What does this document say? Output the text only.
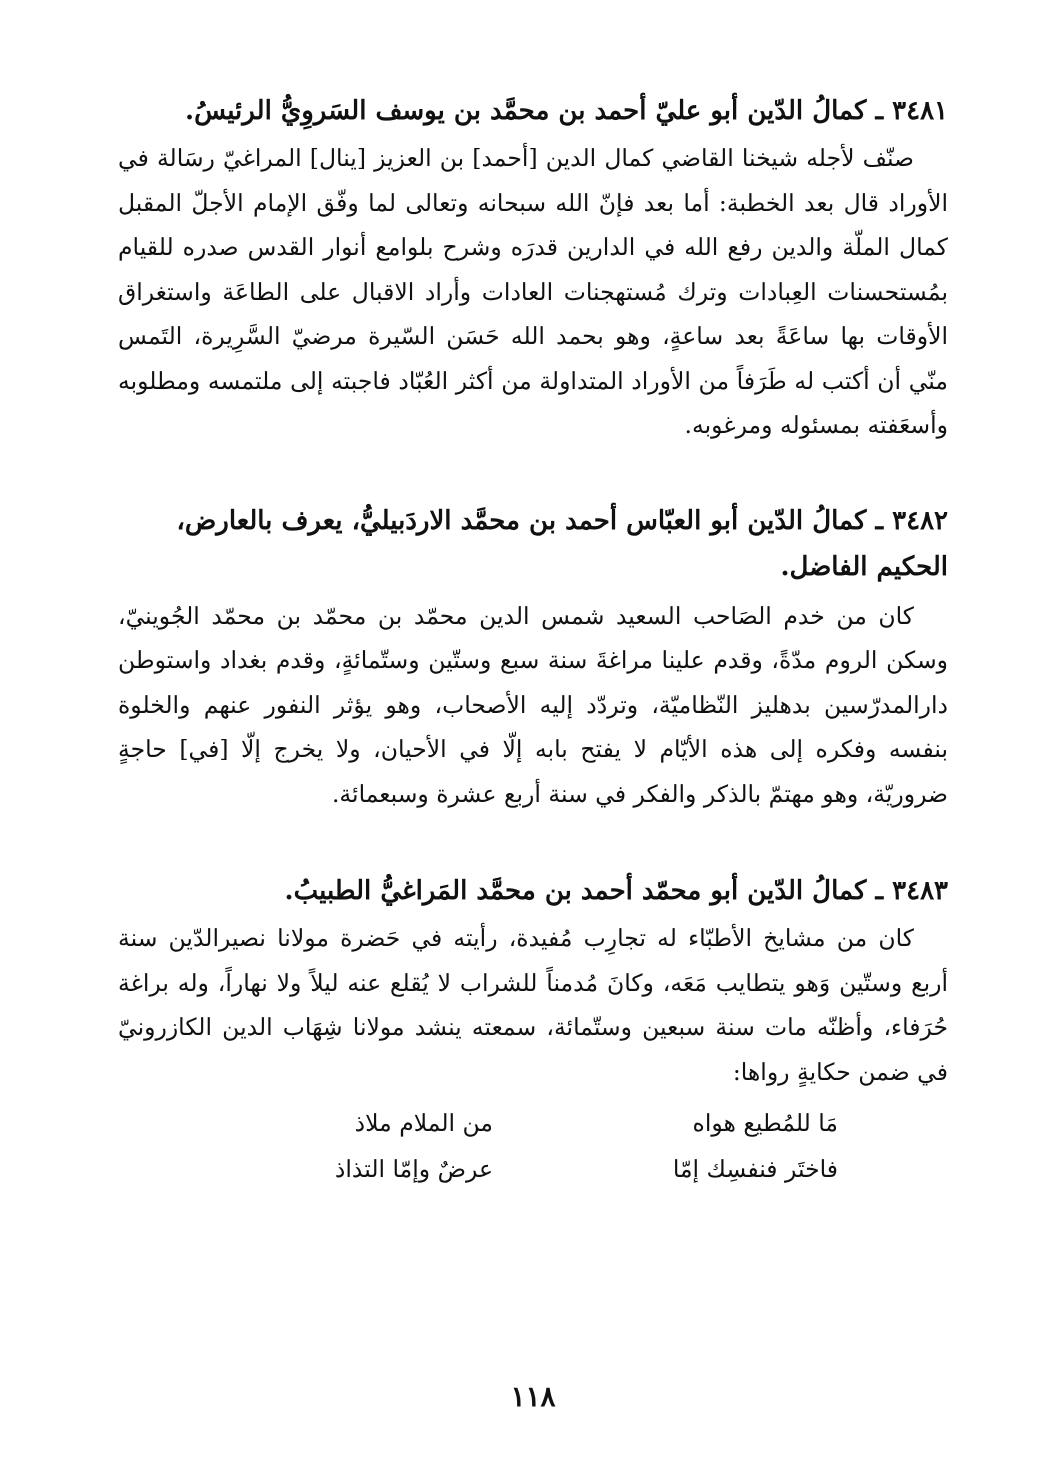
٣٤٨١ ـ كمالُ الدّين أبو عليّ أحمد بن محمَّد بن يوسف السَروِيُّ الرئيسُ.

صنّف لأجله شيخنا القاضي كمال الدين [أحمد] بن العزيز [ينال] المراغيّ رسَالة في الأوراد قال بعد الخطبة: أما بعد فإنّ الله سبحانه وتعالى لما وفّق الإمام الأجلّ المقبل كمال الملّة والدين رفع الله في الدارين قدرَه وشرح بلوامع أنوار القدس صدره للقيام بمُستحسنات العِبادات وترك مُستهجنات العادات وأراد الاقبال على الطاعَة واستغراق الأوقات بها ساعَةً بعد ساعةٍ، وهو بحمد الله حَسَن السّيرة مرضيّ السَّرِيرة، التَمس منّي أن أكتب له طَرَفاً من الأوراد المتداولة من أكثر العُبّاد فاجبته إلى ملتمسه ومطلوبه وأسعَفته بمسئوله ومرغوبه.

٣٤٨٢ ـ كمالُ الدّين أبو العبّاس أحمد بن محمَّد الاردَبيليُّ، يعرف بالعارض، الحكيم الفاضل.

كان من خدم الصَاحب السعيد شمس الدين محمّد بن محمّد بن محمّد الجُوينيّ، وسكن الروم مدّةً، وقدم علينا مراغةَ سنة سبع وستّين وستّمائةٍ، وقدم بغداد واستوطن دارالمدرّسين بدهليز النّظاميّة، وتردّد إليه الأصحاب، وهو يؤثر النفور عنهم والخلوة بنفسه وفكره إلى هذه الأيّام لا يفتح بابه إلّا في الأحيان، ولا يخرج إلّا [في] حاجةٍ ضروريّة، وهو مهتمّ بالذكر والفكر في سنة أربع عشرة وسبعمائة.

٣٤٨٣ ـ كمالُ الدّين أبو محمّد أحمد بن محمَّد المَراغيُّ الطبيبُ.

كان من مشايخ الأطبّاء له تجارِب مُفيدة، رأيته في حَضرة مولانا نصيرالدّين سنة أربع وستّين وَهو يتطايب مَعَه، وكانَ مُدمناً للشراب لا يُقلع عنه ليلاً ولا نهاراً، وله براغة حُرَفاء، وأظنّه مات سنة سبعين وستّمائة، سمعته ينشد مولانا شِهَاب الدين الكازرونيّ في ضمن حكايةٍ رواها:

مَا للمُطيع هواه
من الملام ملاذ
فاختَر فنفسِك إمّا
عرضٌ وإمّا التذاذ
١١٨
